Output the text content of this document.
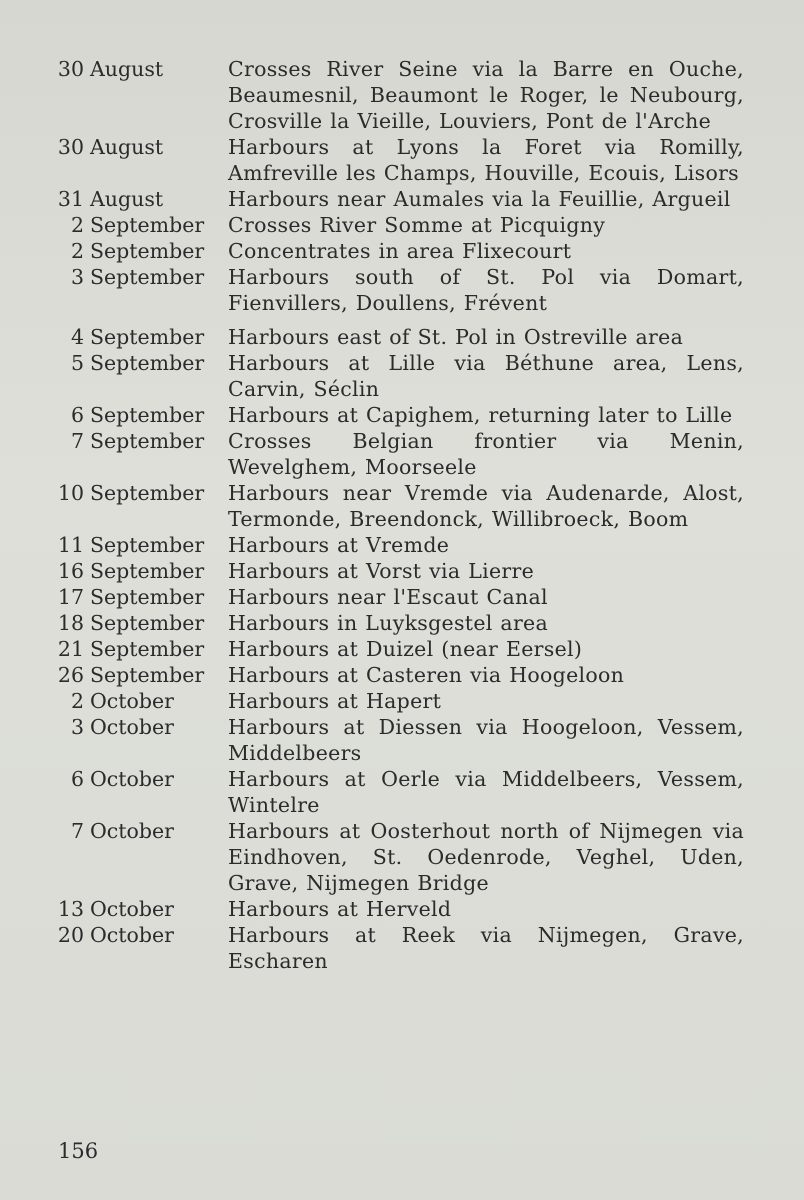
30 August	Crosses River Seine via la Barre en Ouche, Beaumesnil, Beaumont le Roger, le Neubourg, Crosville la Vieille, Louviers, Pont de l'Arche
30 August	Harbours at Lyons la Foret via Romilly, Amfreville les Champs, Houville, Ecouis, Lisors
31 August	Harbours near Aumales via la Feuillie, Argueil
2 September Crosses River Somme at Picquigny
2 September Concentrates in area Flixecourt
3 September Harbours south of St. Pol via Domart, Fienvillers, Doullens, Frévent
4 September Harbours east of St. Pol in Ostreville area
5 September Harbours at Lille via Béthune area, Lens, Carvin, Séclin
6 September Harbours at Capighem, returning later to Lille
7 September Crosses Belgian frontier via Menin, Wevelghem, Moorseele
10 September Harbours near Vremde via Audenarde, Alost, Termonde, Breendonck, Willibroeck, Boom
11 September Harbours at Vremde
16 September Harbours at Vorst via Lierre
17 September Harbours near l'Escaut Canal
18 September Harbours in Luyksgestel area
21 September Harbours at Duizel (near Eersel)
26 September Harbours at Casteren via Hoogeloon
2 October	Harbours at Hapert
3 October	Harbours at Diessen via Hoogeloon, Vessem, Middelbeers
6 October	Harbours at Oerle via Middelbeers, Vessem, Wintelre
7 October	Harbours at Oosterhout north of Nijmegen via Eindhoven, St. Oedenrode, Veghel, Uden, Grave, Nijmegen Bridge
13 October	Harbours at Herveld
20 October	Harbours at Reek via Nijmegen, Grave, Escharen
156
